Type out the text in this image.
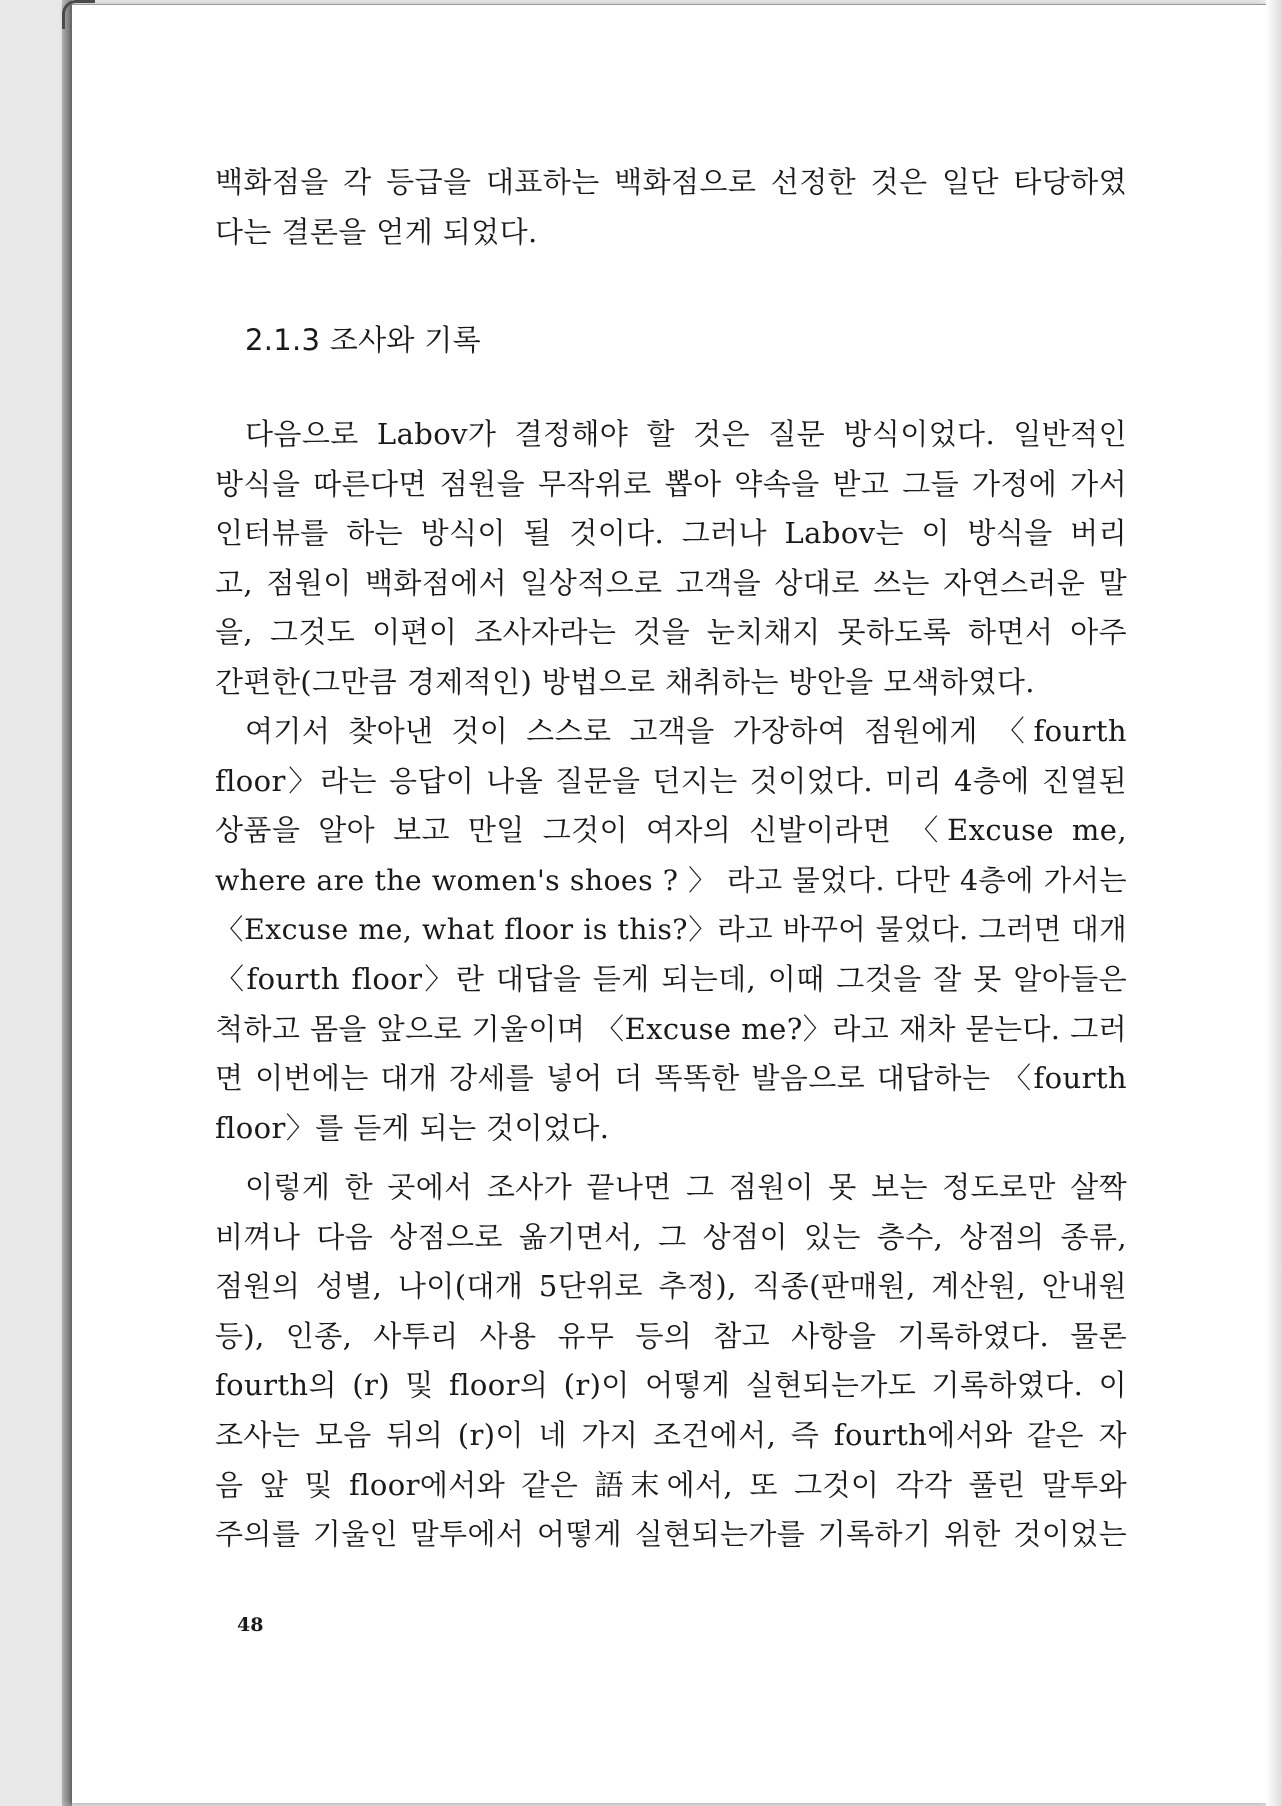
백화점을 각 등급을 대표하는 백화점으로 선정한 것은 일단 타당하였
다는 결론을 얻게 되었다.
2.1.3 조사와 기록
다음으로 Labov가 결정해야 할 것은 질문 방식이었다. 일반적인
방식을 따른다면 점원을 무작위로 뽑아 약속을 받고 그들 가정에 가서
인터뷰를 하는 방식이 될 것이다. 그러나 Labov는 이 방식을 버리
고, 점원이 백화점에서 일상적으로 고객을 상대로 쓰는 자연스러운 말
을, 그것도 이편이 조사자라는 것을 눈치채지 못하도록 하면서 아주
간편한(그만큼 경제적인) 방법으로 채취하는 방안을 모색하였다.
여기서 찾아낸 것이 스스로 고객을 가장하여 점원에게 〈fourth
floor〉라는 응답이 나올 질문을 던지는 것이었다. 미리 4층에 진열된
상품을 알아 보고 만일 그것이 여자의 신발이라면 〈Excuse me,
where are the women's shoes ? 〉 라고 물었다. 다만 4층에 가서는
〈Excuse me, what floor is this?〉라고 바꾸어 물었다. 그러면 대개
〈fourth floor〉란 대답을 듣게 되는데, 이때 그것을 잘 못 알아들은
척하고 몸을 앞으로 기울이며 〈Excuse me?〉라고 재차 묻는다. 그러
면 이번에는 대개 강세를 넣어 더 똑똑한 발음으로 대답하는 〈fourth
floor〉를 듣게 되는 것이었다.
이렇게 한 곳에서 조사가 끝나면 그 점원이 못 보는 정도로만 살짝
비껴나 다음 상점으로 옮기면서, 그 상점이 있는 층수, 상점의 종류,
점원의 성별, 나이(대개 5단위로 추정), 직종(판매원, 계산원, 안내원
등), 인종, 사투리 사용 유무 등의 참고 사항을 기록하였다. 물론
fourth의 (r) 및 floor의 (r)이 어떻게 실현되는가도 기록하였다. 이
조사는 모음 뒤의 (r)이 네 가지 조건에서, 즉 fourth에서와 같은 자
음 앞 및 floor에서와 같은 語末에서, 또 그것이 각각 풀린 말투와
주의를 기울인 말투에서 어떻게 실현되는가를 기록하기 위한 것이었는
48
